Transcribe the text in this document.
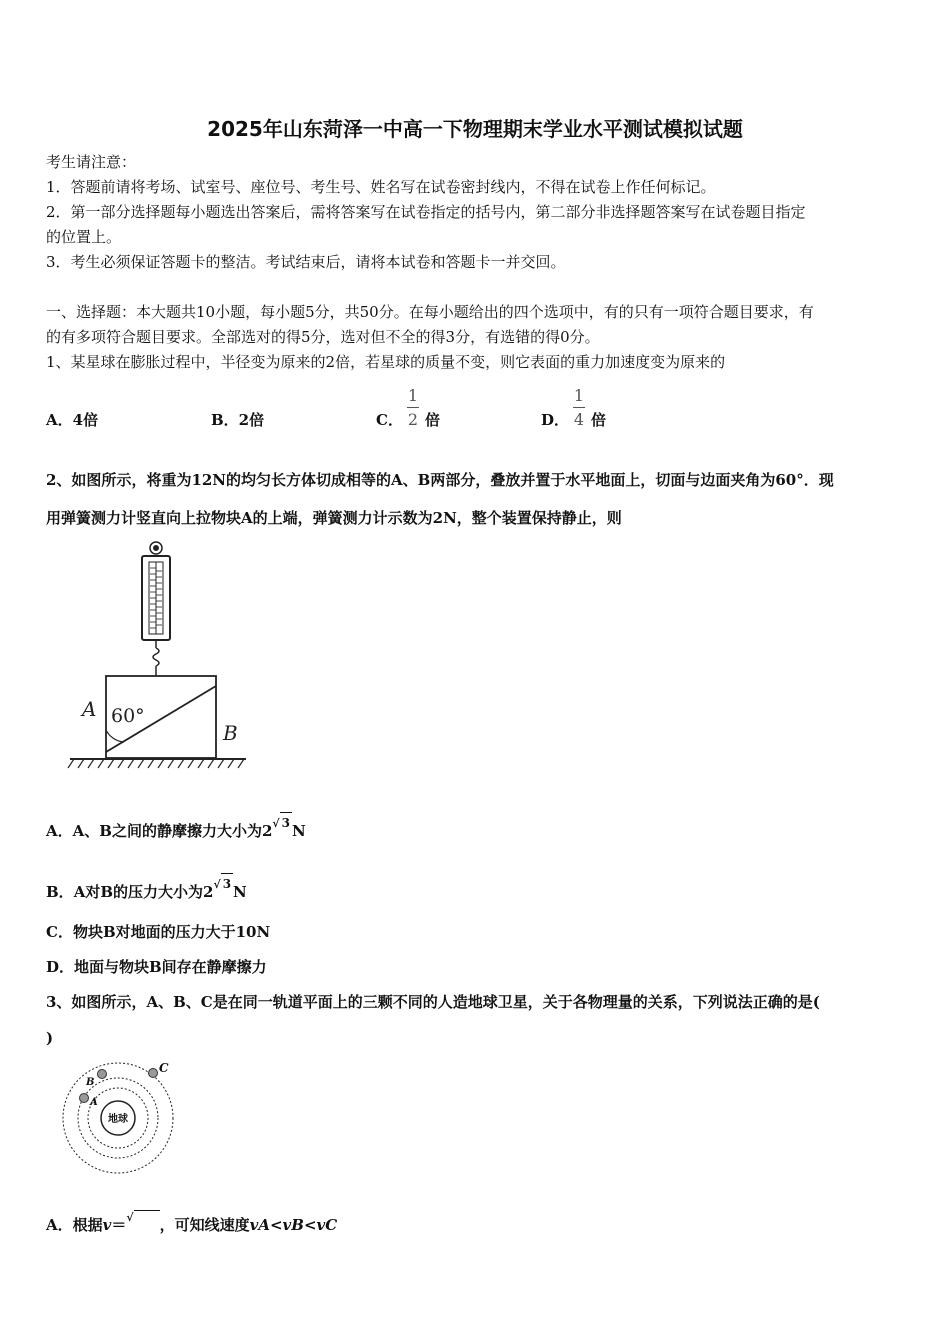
2025年山东菏泽一中高一下物理期末学业水平测试模拟试题
考生请注意：
1．答题前请将考场、试室号、座位号、考生号、姓名写在试卷密封线内，不得在试卷上作任何标记。
2．第一部分选择题每小题选出答案后，需将答案写在试卷指定的括号内，第二部分非选择题答案写在试卷题目指定
的位置上。
3．考生必须保证答题卡的整洁。考试结束后，请将本试卷和答题卡一并交回。
一、选择题：本大题共10小题，每小题5分，共50分。在每小题给出的四个选项中，有的只有一项符合题目要求，有
的有多项符合题目要求。全部选对的得5分，选对但不全的得3分，有选错的得0分。
1、某星球在膨胀过程中，半径变为原来的2倍，若星球的质量不变，则它表面的重力加速度变为原来的
A．4倍	B．2倍	C．
1
2 倍	D．
1
4 倍
2、如图所示，将重为12N的均匀长方体切成相等的A、B两部分，叠放并置于水平地面上，切面与边面夹角为60°．现
用弹簧测力计竖直向上拉物块A的上端，弹簧测力计示数为2N，整个装置保持静止，则
A 60°
B
A．A、B之间的静摩擦力大小为$2^{√ 3}$ N
B．A对B的压力大小为$2^{√ 3}$ N
C．物块B对地面的压力大于10N
D．地面与物块B间存在静摩擦力
3、如图所示，A、B、C是在同一轨道平面上的三颗不同的人造地球卫星，关于各物理量的关系，下列说法正确的是(
)
地球
A
B
C
A．根据v＝√ ，可知线速度vA<vB<vC
